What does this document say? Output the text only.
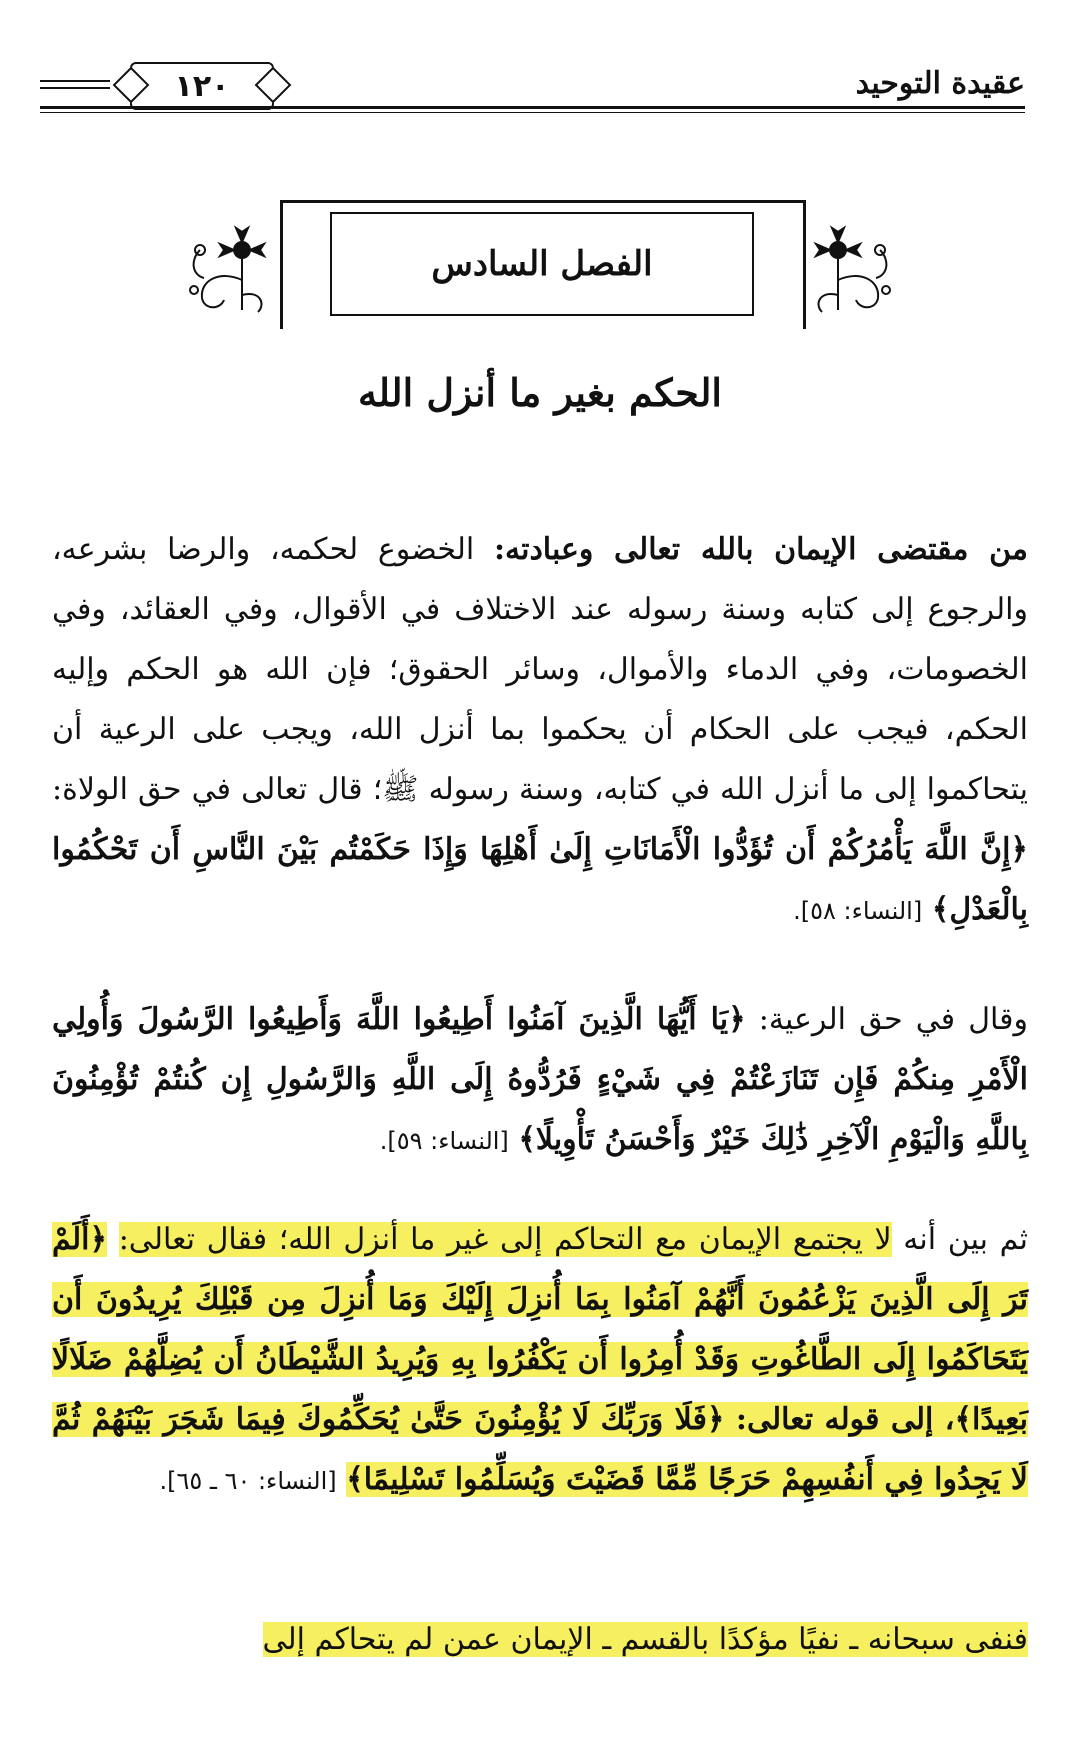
١٢٠	عقيدة التوحيد
الفصل السادس
الحكم بغير ما أنزل الله
من مقتضى الإيمان بالله تعالى وعبادته: الخضوع لحكمه، والرضا بشرعه، والرجوع إلى كتابه وسنة رسوله عند الاختلاف في الأقوال، وفي العقائد، وفي الخصومات، وفي الدماء والأموال، وسائر الحقوق؛ فإن الله هو الحكم وإليه الحكم، فيجب على الحكام أن يحكموا بما أنزل الله، ويجب على الرعية أن يتحاكموا إلى ما أنزل الله في كتابه، وسنة رسوله ﷺ؛ قال تعالى في حق الولاة: ﴿إِنَّ اللَّهَ يَأْمُرُكُمْ أَن تُؤَدُّوا الْأَمَانَاتِ إِلَىٰ أَهْلِهَا وَإِذَا حَكَمْتُم بَيْنَ النَّاسِ أَن تَحْكُمُوا بِالْعَدْلِ﴾ [النساء: ٥٨].
وقال في حق الرعية: ﴿يَا أَيُّهَا الَّذِينَ آمَنُوا أَطِيعُوا اللَّهَ وَأَطِيعُوا الرَّسُولَ وَأُولِي الْأَمْرِ مِنكُمْ فَإِن تَنَازَعْتُمْ فِي شَيْءٍ فَرُدُّوهُ إِلَى اللَّهِ وَالرَّسُولِ إِن كُنتُمْ تُؤْمِنُونَ بِاللَّهِ وَالْيَوْمِ الْآخِرِ ذَٰلِكَ خَيْرٌ وَأَحْسَنُ تَأْوِيلًا﴾ [النساء: ٥٩].
ثم بين أنه لا يجتمع الإيمان مع التحاكم إلى غير ما أنزل الله؛ فقال تعالى: ﴿أَلَمْ تَرَ إِلَى الَّذِينَ يَزْعُمُونَ أَنَّهُمْ آمَنُوا بِمَا أُنزِلَ إِلَيْكَ وَمَا أُنزِلَ مِن قَبْلِكَ يُرِيدُونَ أَن يَتَحَاكَمُوا إِلَى الطَّاغُوتِ وَقَدْ أُمِرُوا أَن يَكْفُرُوا بِهِ وَيُرِيدُ الشَّيْطَانُ أَن يُضِلَّهُمْ ضَلَالًا بَعِيدًا﴾، إلى قوله تعالى: ﴿فَلَا وَرَبِّكَ لَا يُؤْمِنُونَ حَتَّىٰ يُحَكِّمُوكَ فِيمَا شَجَرَ بَيْنَهُمْ ثُمَّ لَا يَجِدُوا فِي أَنفُسِهِمْ حَرَجًا مِّمَّا قَضَيْتَ وَيُسَلِّمُوا تَسْلِيمًا﴾ [النساء: ٦٠ ـ ٦٥].
فنفى سبحانه ـ نفيًا مؤكدًا بالقسم ـ الإيمان عمن لم يتحاكم إلى
